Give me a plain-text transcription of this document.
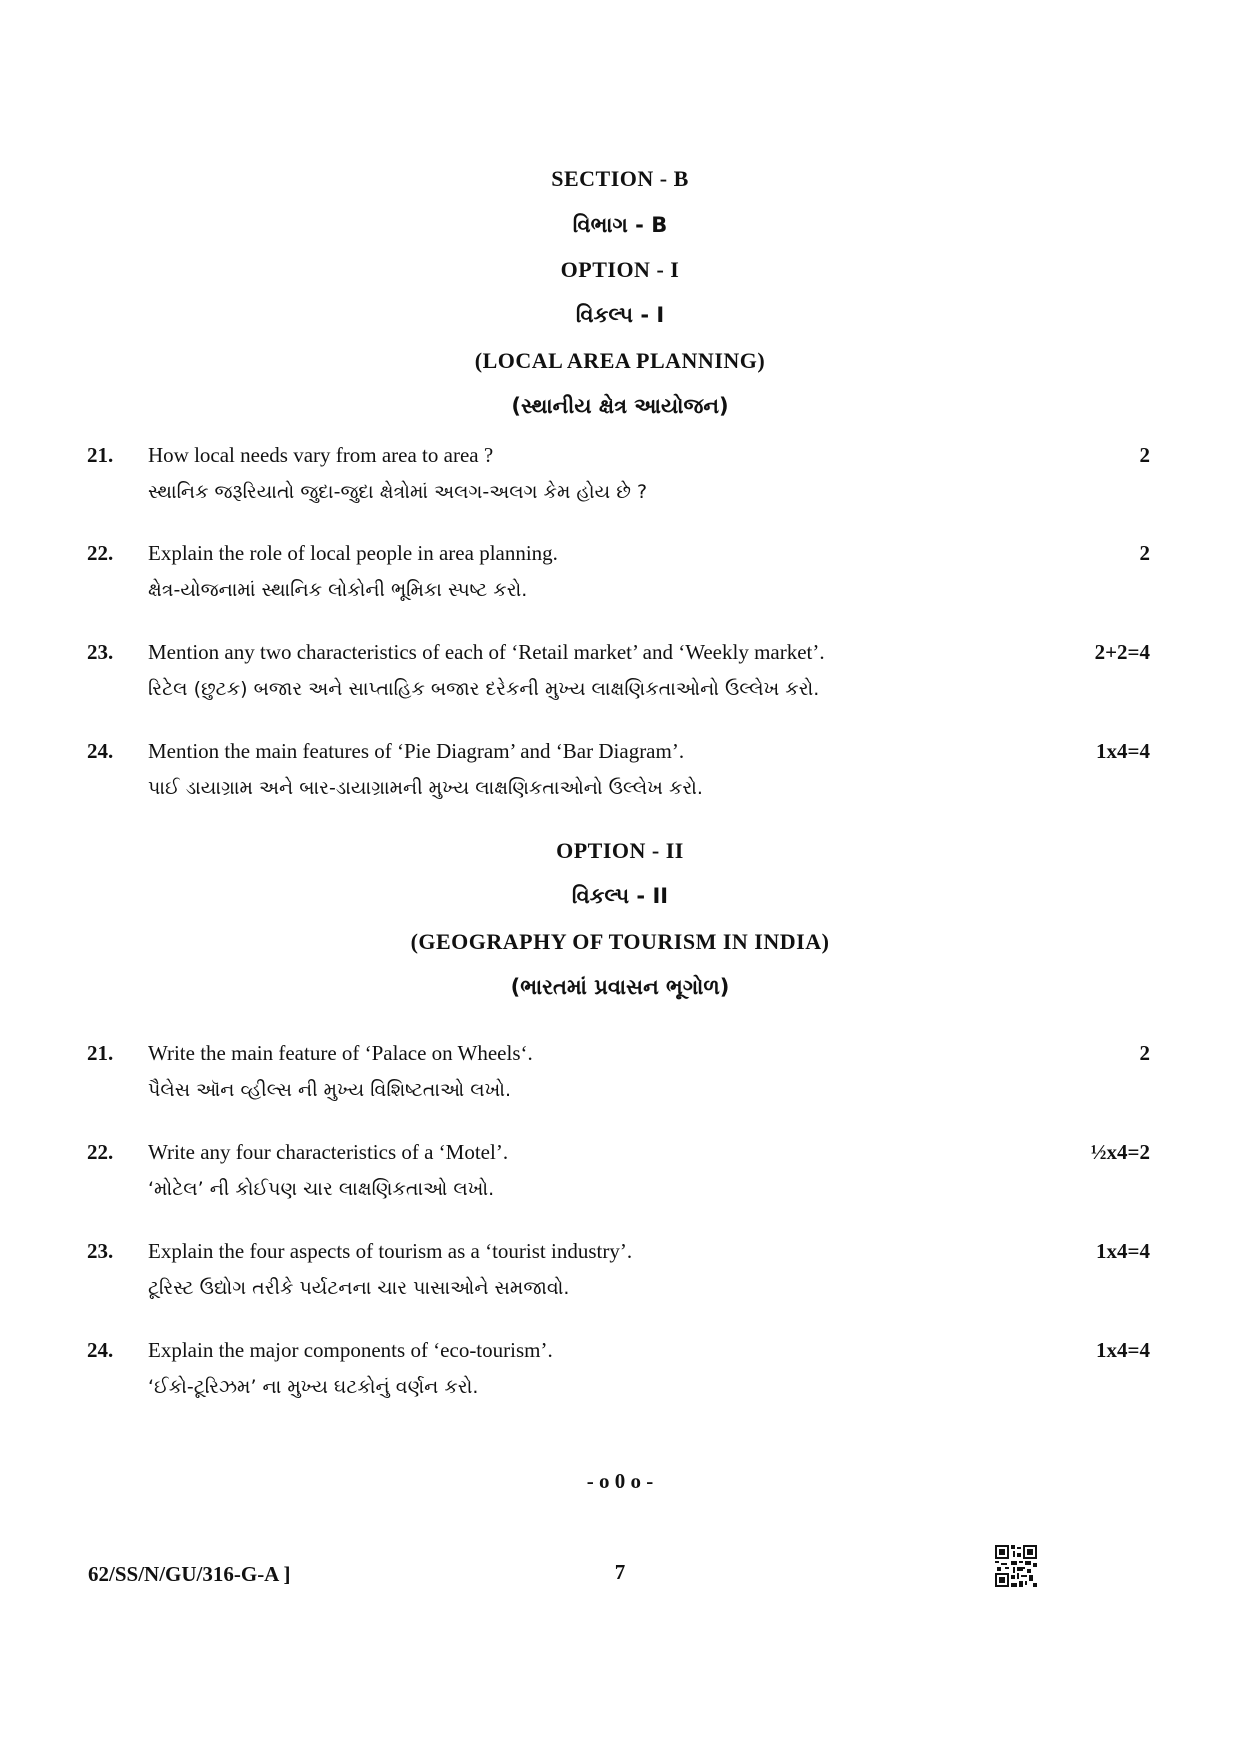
SECTION - B
વિભાગ - B
OPTION - I
વિકલ્પ - I
(LOCAL AREA PLANNING)
(સ્થાનીય ક્ષેત્ર આયોજન)
21. How local needs vary from area to area ?
સ્થાનિક જરૂરિયાતો જુદા-જુદા ક્ષેત્રોમાં અલગ-અલગ કેમ હોય છે ?
2
22. Explain the role of local people in area planning.
ક્ષેત્ર-યોજનામાં સ્થાનિક લોકોની ભૂમિકા સ્પષ્ટ કરો.
2
23. Mention any two characteristics of each of ‘Retail market’ and ‘Weekly market’.
રિટેલ (છુટક) બજાર અને સાપ્તાહિક બજાર દરેકની મુખ્ય લાક્ષણિકતાઓનો ઉલ્લેખ કરો.
2+2=4
24. Mention the main features of ‘Pie Diagram’ and ‘Bar Diagram’.
પાઈ ડાયાગ્રામ અને બાર-ડાયાગ્રામની મુખ્ય લાક્ષણિકતાઓનો ઉલ્લેખ કરો.
1x4=4
OPTION - II
વિકલ્પ - II
(GEOGRAPHY OF TOURISM IN INDIA)
(ભારતમાં પ્રવાસન ભૂગોળ)
21. Write the main feature of ‘Palace on Wheels‘.
પૈલેસ ઑન વ્હીલ્સ ની મુખ્ય વિશિષ્ટતાઓ લખો.
2
22. Write any four characteristics of a ‘Motel’.
‘મોટેલ’ ની કોઈપણ ચાર લાક્ષણિકતાઓ લખો.
½x4=2
23. Explain the four aspects of tourism as a ‘tourist industry’.
ટૂરિસ્ટ ઉદ્યોગ તરીકે પર્યટનના ચાર પાસાઓને સમજાવો.
1x4=4
24. Explain the major components of ‘eco-tourism’.
‘ઈકો-ટૂરિઝમ’ ના મુખ્ય ઘટકોનું વર્ણન કરો.
1x4=4
- o 0 o -
62/SS/N/GU/316-G-A ]	7
